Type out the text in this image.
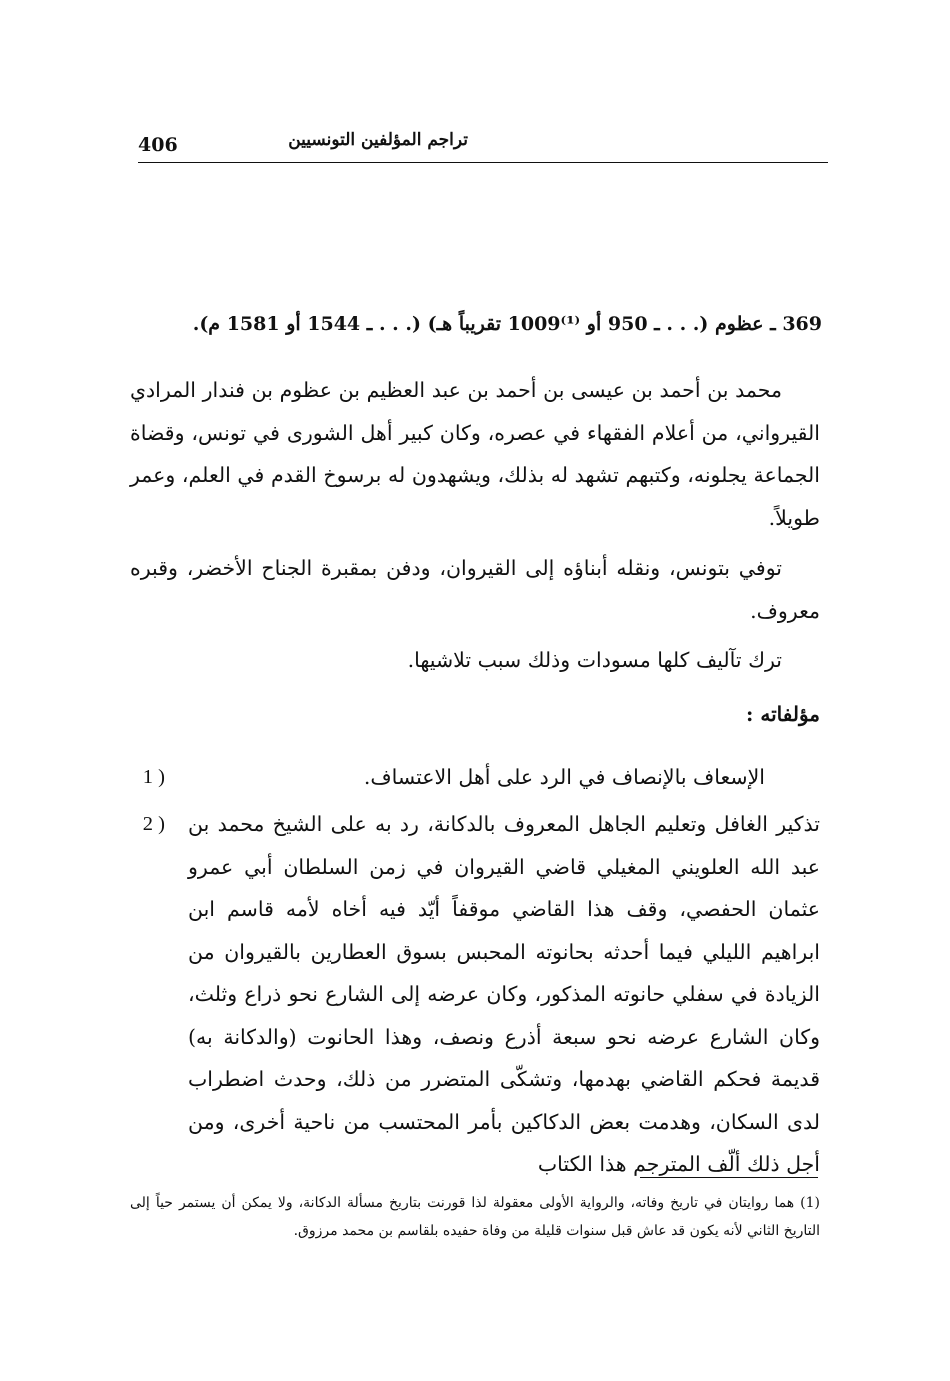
تراجم المؤلفين التونسيين
406
369 ـ عظوم (. . . ـ 950 أو ⁽¹⁾1009 تقريباً هـ) (. . . ـ 1544 أو 1581 م).

محمد بن أحمد بن عيسى بن أحمد بن عبد العظيم بن عظوم بن فندار المرادي القيرواني، من أعلام الفقهاء في عصره، وكان كبير أهل الشورى في تونس، وقضاة الجماعة يجلونه، وكتبهم تشهد له بذلك، ويشهدون له برسوخ القدم في العلم، وعمر طويلاً.

توفي بتونس، ونقله أبناؤه إلى القيروان، ودفن بمقبرة الجناح الأخضر، وقبره معروف.

ترك تآليف كلها مسودات وذلك سبب تلاشيها.

مؤلفاته :
1 )	الإسعاف بالإنصاف في الرد على أهل الاعتساف.
2 )	تذكير الغافل وتعليم الجاهل المعروف بالدكانة، رد به على الشيخ محمد بن عبد الله العلويني المغيلي قاضي القيروان في زمن السلطان أبي عمرو عثمان الحفصي، وقف هذا القاضي موقفاً أيّد فيه أخاه لأمه قاسم ابن ابراهيم الليلي فيما أحدثه بحانوته المحبس بسوق العطارين بالقيروان من الزيادة في سفلي حانوته المذكور، وكان عرضه إلى الشارع نحو ذراع وثلث، وكان الشارع عرضه نحو سبعة أذرع ونصف، وهذا الحانوت (والدكانة به) قديمة فحكم القاضي بهدمها، وتشكّى المتضرر من ذلك، وحدث اضطراب لدى السكان، وهدمت بعض الدكاكين بأمر المحتسب من ناحية أخرى، ومن أجل ذلك ألّف المترجم هذا الكتاب

(1) هما روايتان في تاريخ وفاته، والرواية الأولى معقولة لذا قورنت بتاريخ مسألة الدكانة، ولا يمكن أن يستمر حياً إلى التاريخ الثاني لأنه يكون قد عاش قبل سنوات قليلة من وفاة حفيده بلقاسم بن محمد مرزوق.
